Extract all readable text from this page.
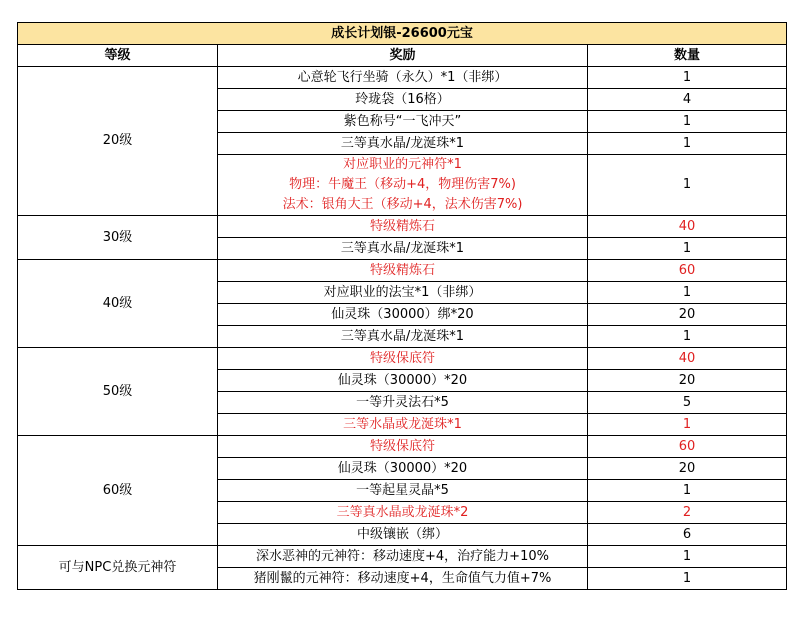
成长计划银-26600元宝		
等级	奖励	数量
20级	心意轮飞行坐骑（永久）*1（非绑）	1
	玲珑袋（16格）	4
	紫色称号“一飞冲天”	1
	三等真水晶/龙涎珠*1	1

	对应职业的元神符*1
物理：牛魔王（移动+4，物理伤害7%)
法术：银角大王（移动+4，法术伤害7%)	1
30级	特级精炼石	40
	三等真水晶/龙涎珠*1	1
40级	特级精炼石	60
	对应职业的法宝*1（非绑）	1
	仙灵珠（30000）绑*20	20
	三等真水晶/龙涎珠*1	1
50级	特级保底符	40
	仙灵珠（30000）*20	20
	一等升灵法石*5	5
	三等水晶或龙涎珠*1	1
60级	特级保底符	60
	仙灵珠（30000）*20	20
	一等起星灵晶*5	1
	三等真水晶或龙涎珠*2	2
	中级镶嵌（绑）	6
可与NPC兑换元神符	深水恶神的元神符：移动速度+4，治疗能力+10%	1
	猪刚鬣的元神符：移动速度+4，生命值气力值+7%	1
